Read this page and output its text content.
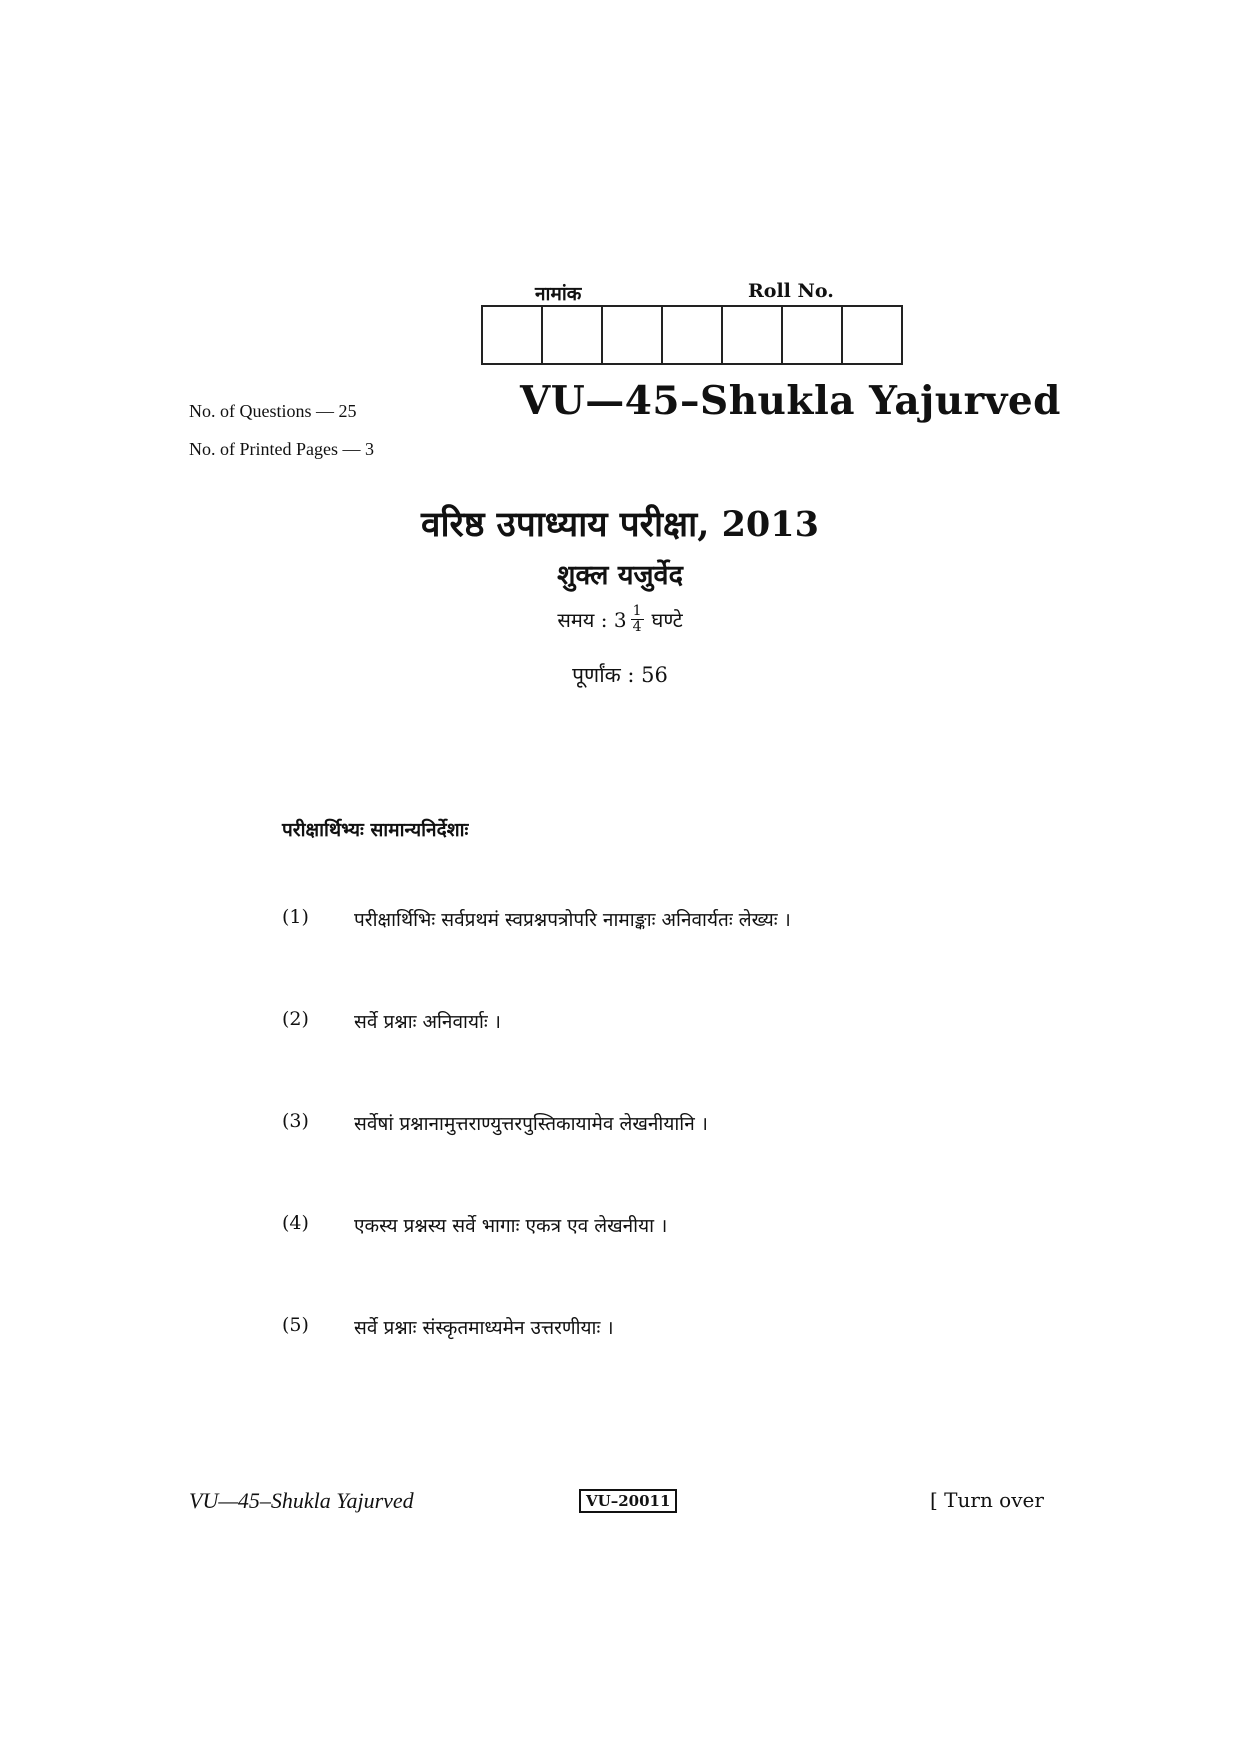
नामांक	Roll No.
No. of Questions — 25
No. of Printed Pages — 3
VU—45–Shukla Yajurved
वरिष्ठ उपाध्याय परीक्षा, 2013
शुक्ल यजुर्वेद
समय : $3 \frac{1}{4}$ घण्टे
पूर्णांक : 56
परीक्षार्थिभ्यः सामान्यनिर्देशाः
(1)	परीक्षार्थिभिः सर्वप्रथमं स्वप्रश्नपत्रोपरि नामाङ्काः अनिवार्यतः लेख्यः ।
(2)	सर्वे प्रश्नाः अनिवार्याः ।
(3)	सर्वेषां प्रश्नानामुत्तराण्युत्तरपुस्तिकायामेव लेखनीयानि ।
(4)	एकस्य प्रश्नस्य सर्वे भागाः एकत्र एव लेखनीया ।
(5)	सर्वे प्रश्नाः संस्कृतमाध्यमेन उत्तरणीयाः ।
VU—45–Shukla Yajurved	VU–20011	[ Turn over
